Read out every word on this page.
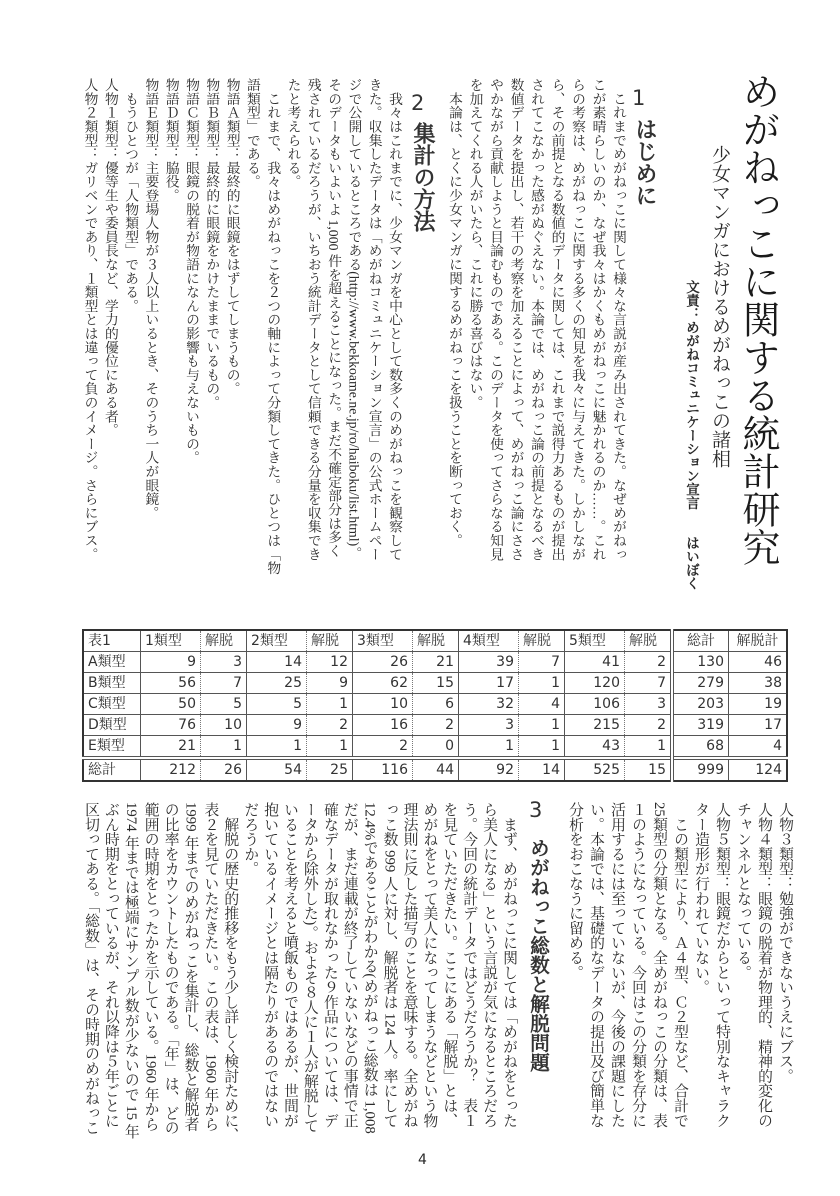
めがねっこに関する統計研究
少女マンガにおけるめがねっこの諸相
文責：めがねコミュニケーション宣言
はいぼく
1
はじめに
　これまでめがねっこに関して様々な言説が産み出されてきた。なぜめがねっ
こが素晴らしいのか、なぜ我々はかくもめがねっこに魅かれるのか……。これ
らの考察は、めがねっこに関する多くの知見を我々に与えてきた。しかしなが
ら、その前提となる数値的データに関しては、これまで説得力あるものが提出
されてこなかった感がぬぐえない。本論では、めがねっこ論の前提となるべき
数値データを提出し、若干の考察を加えることによって、めがねっこ論にささ
やかながら貢献しようと目論むものである。このデータを使ってさらなる知見
を加えてくれる人がいたら、これに勝る喜びはない。
　本論は、とくに少女マンガに関するめがねっこを扱うことを断っておく。
2
集計の方法
　我々はこれまでに、少女マンガを中心として数多くのめがねっこを観察して
きた。収集したデータは「めがねコミュニケーション宣言」の公式ホームペー
ジで公開しているところである(http://www.bekkoame.ne.jp/ro/haiboku/list.html)。
そのデータもいよいよ 1,000 件を超えることになった。まだ不確定部分は多く
残されているだろうが、いちおう統計データとして信頼できる分量を収集でき
たと考えられる。
　これまで、我々はめがねっこを２つの軸によって分類してきた。ひとつは「物
語類型」である。
物語Ａ類型：最終的に眼鏡をはずしてしまうもの。
物語Ｂ類型：最終的に眼鏡をかけたままでいるもの。
物語Ｃ類型：眼鏡の脱着が物語になんの影響も与えないもの。
物語Ｄ類型：脇役。
物語Ｅ類型：主要登場人物が３人以上いるとき、そのうち一人が眼鏡。
　もうひとつが「人物類型」である。
人物１類型：優等生や委員長など、学力的優位にある者。
人物２類型：ガリベンであり、１類型とは違って負のイメージ。さらにブス。
表1	1類型	解脱	2類型	解脱	3類型	解脱	4類型	解脱	5類型	解脱	総計	解脱計
A類型	9	3	14	12	26	21	39	7	41	2	130	46
B類型	56	7	25	9	62	15	17	1	120	7	279	38
C類型	50	5	5	1	10	6	32	4	106	3	203	19
D類型	76	10	9	2	16	2	3	1	215	2	319	17
E類型	21	1	1	1	2	0	1	1	43	1	68	4
総計	212	26	54	25	116	44	92	14	525	15	999	124
人物３類型：勉強ができないうえにブス。
人物４類型：眼鏡の脱着が物理的、精神的変化の
チャンネルとなっている。
人物５類型：眼鏡だからといって特別なキャラク
ター造形が行われていない。
　この類型により、Ａ４型、Ｃ２型など、合計で
25類型の分類となる。全めがねっこの分類は、表
１のようになっている。今回はこの分類を存分に
活用するには至っていないが、今後の課題にした
い。本論では、基礎的なデータの提出及び簡単な
分析をおこなうに留める。
3
めがねっこ総数と解脱問題
　まず、めがねっこに関しては「めがねをとった
ら美人になる」という言説が気になるところだろ
う。今回の統計データではどうだろうか？　表１
を見ていただきたい。ここにある「解脱」とは、
めがねをとって美人になってしまうなどという物
理法則に反した描写のことを意味する。全めがね
っこ数 999 人に対し、解脱者は 124 人。率にして
12.4%であることがわかる(めがねっこ総数は 1,008
だが、まだ連載が終了していないなどの事情で正
確なデータが取れなかった９作品については、デ
ータから除外した)。およそ８人に１人が解脱して
いることを考えると噴飯ものではあるが、世間が
抱いているイメージとは隔たりがあるのではない
だろうか。
　解脱の歴史的推移をもう少し詳しく検討ために、
表２を見ていただきたい。この表は、1960 年から
1999 年までのめがねっこを集計し、総数と解脱者
の比率をカウントしたものである。「年」は、どの
範囲の時期をとったかを示している。1960 年から
1974 年までは極端にサンプル数が少ないので 15 年
ぶん時期をとっているが、それ以降は５年ごとに
区切ってある。「総数」は、その時期のめがねっこ
4
